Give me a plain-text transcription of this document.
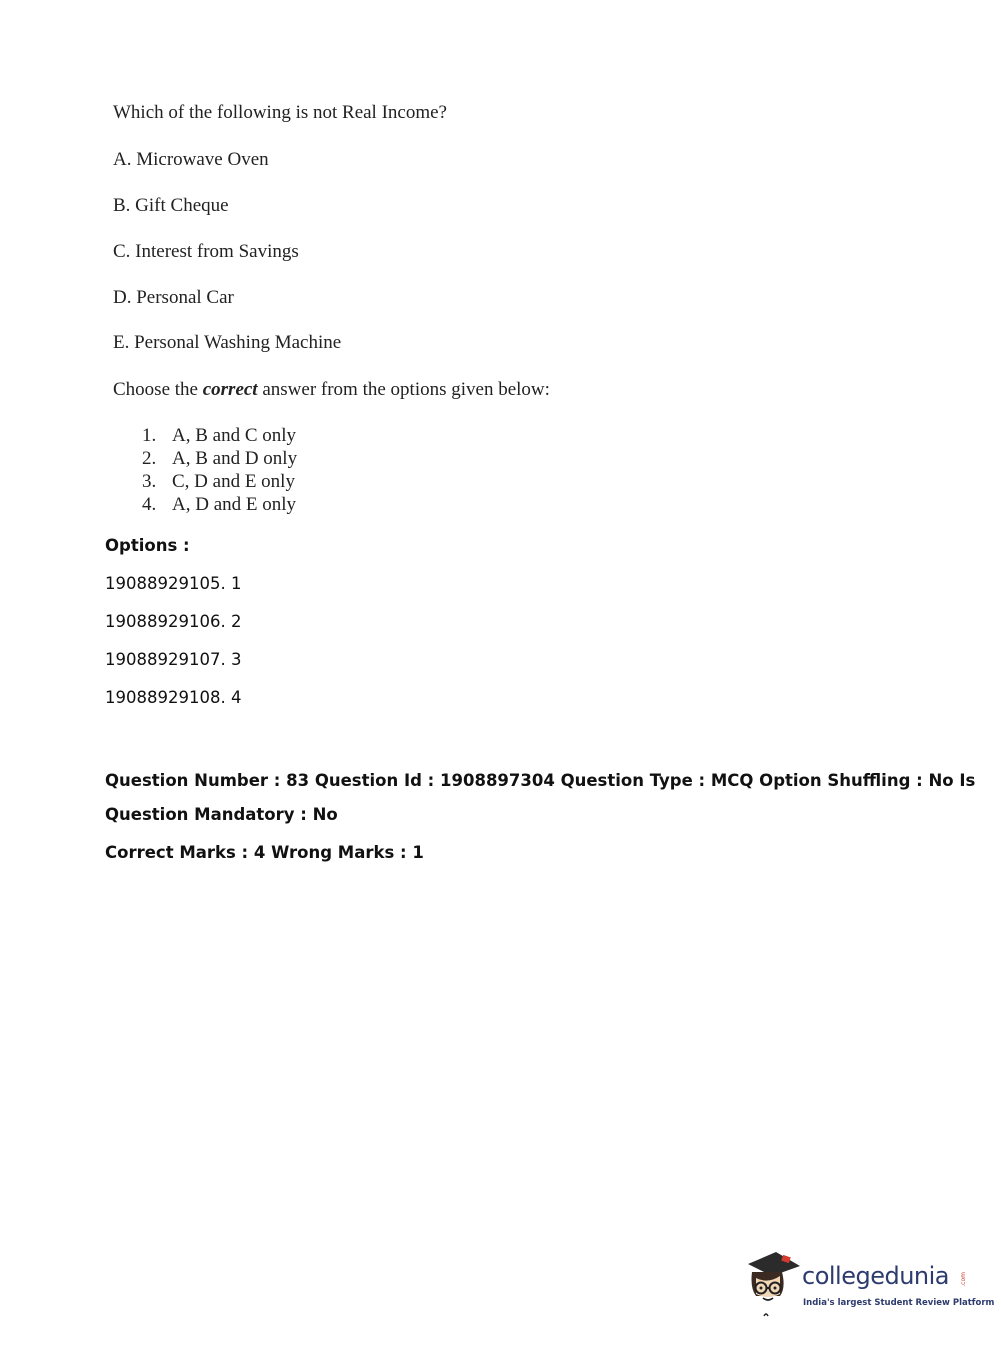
Which of the following is not Real Income?
A. Microwave Oven
B. Gift Cheque
C. Interest from Savings
D. Personal Car
E. Personal Washing Machine
Choose the correct answer from the options given below:
1. A, B and C only
2. A, B and D only
3. C, D and E only
4. A, D and E only
Options :
19088929105. 1
19088929106. 2
19088929107. 3
19088929108. 4
Question Number : 83 Question Id : 1908897304 Question Type : MCQ Option Shuffling : No Is
Question Mandatory : No
Correct Marks : 4 Wrong Marks : 1
collegedunia .com
India's largest Student Review Platform
